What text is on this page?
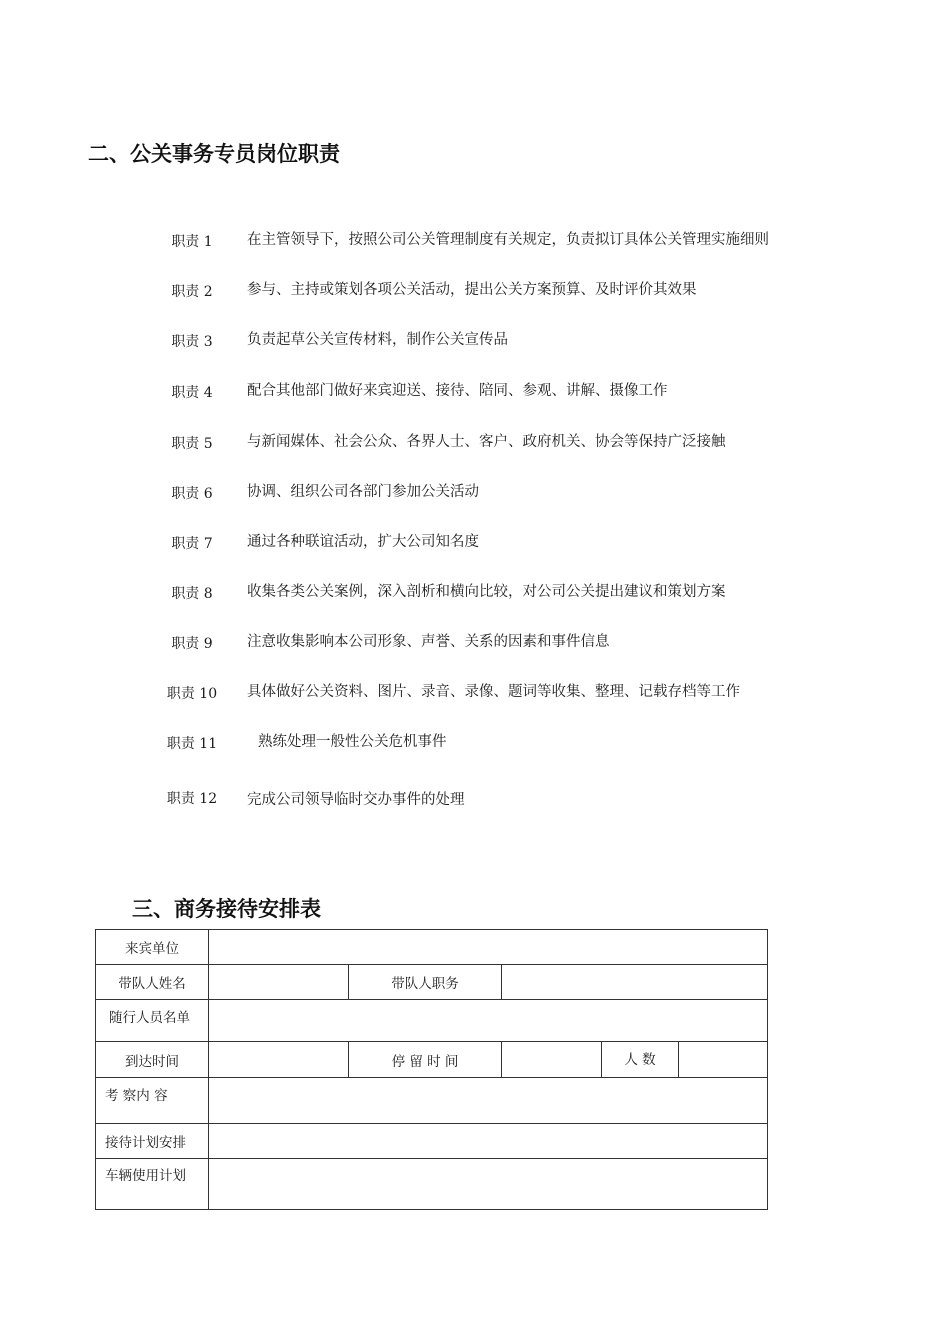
二、公关事务专员岗位职责
职责 1	在主管领导下，按照公司公关管理制度有关规定，负责拟订具体公关管理实施细则
职责 2	参与、主持或策划各项公关活动，提出公关方案预算、及时评价其效果
职责 3	负责起草公关宣传材料，制作公关宣传品
职责 4	配合其他部门做好来宾迎送、接待、陪同、参观、讲解、摄像工作
职责 5	与新闻媒体、社会公众、各界人士、客户、政府机关、协会等保持广泛接触
职责 6	协调、组织公司各部门参加公关活动
职责 7	通过各种联谊活动，扩大公司知名度
职责 8	收集各类公关案例，深入剖析和横向比较，对公司公关提出建议和策划方案
职责 9	注意收集影响本公司形象、声誉、关系的因素和事件信息
职责 10	具体做好公关资料、图片、录音、录像、题词等收集、整理、记载存档等工作
职责 11	熟练处理一般性公关危机事件
职责 12	完成公司领导临时交办事件的处理
三、商务接待安排表
来宾单位					
带队人姓名		带队人职务			
随行人员名单					
到达时间		停 留 时 间		人 数	
考 察内 容					
接待计划安排					
车辆使用计划					
